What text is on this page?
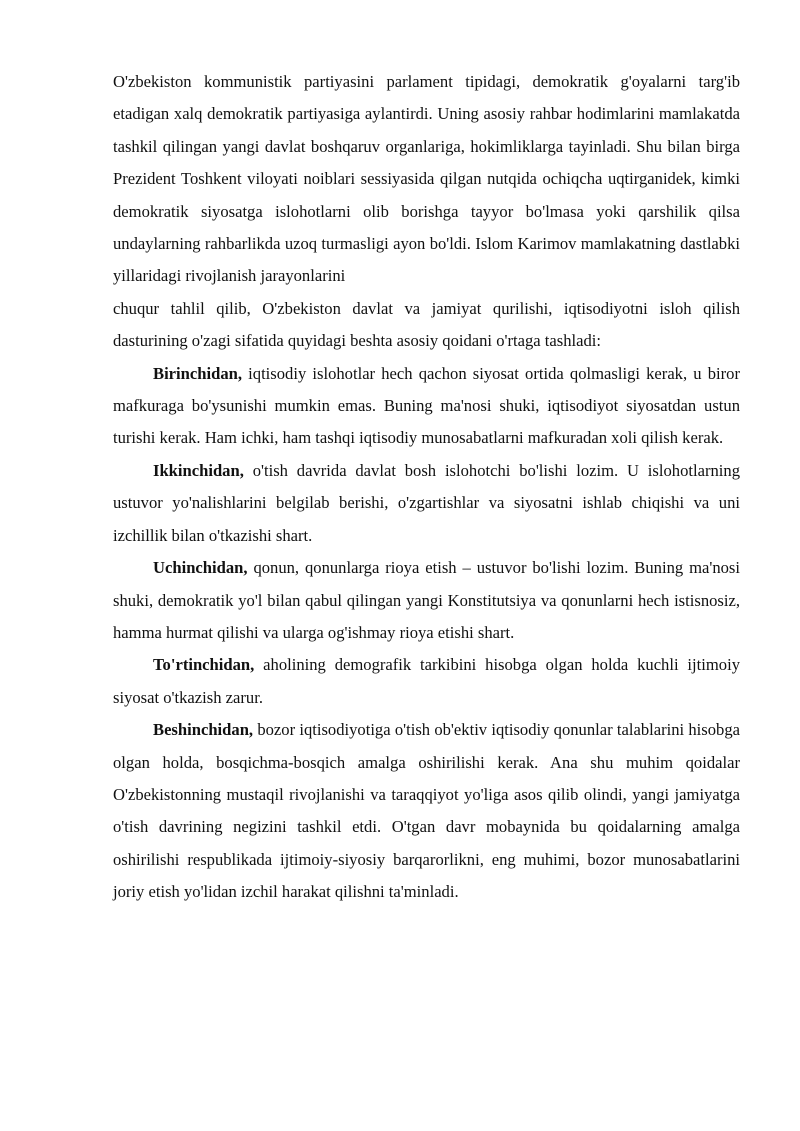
O'zbekiston kommunistik partiyasini parlament tipidagi, demokratik g'oyalarni targ'ib etadigan xalq demokratik partiyasiga aylantirdi. Uning asosiy rahbar hodimlarini mamlakatda tashkil qilingan yangi davlat boshqaruv organlariga, hokimliklarga tayinladi. Shu bilan birga Prezident Toshkent viloyati noiblari sessiyasida qilgan nutqida ochiqcha uqtirganidek, kimki demokratik siyosatga islohotlarni olib borishga tayyor bo'lmasa yoki qarshilik qilsa undaylarning rahbarlikda uzoq turmasligi ayon bo'ldi. Islom Karimov mamlakatning dastlabki yillaridagi rivojlanish jarayonlarini

chuqur tahlil qilib, O'zbekiston davlat va jamiyat qurilishi, iqtisodiyotni isloh qilish dasturining o'zagi sifatida quyidagi beshta asosiy qoidani o'rtaga tashladi:

Birinchidan, iqtisodiy islohotlar hech qachon siyosat ortida qolmasligi kerak, u biror mafkuraga bo'ysunishi mumkin emas. Buning ma'nosi shuki, iqtisodiyot siyosatdan ustun turishi kerak. Ham ichki, ham tashqi iqtisodiy munosabatlarni mafkuradan xoli qilish kerak.

Ikkinchidan, o'tish davrida davlat bosh islohotchi bo'lishi lozim. U islohotlarning ustuvor yo'nalishlarini belgilab berishi, o'zgartishlar va siyosatni ishlab chiqishi va uni izchillik bilan o'tkazishi shart.

Uchinchidan, qonun, qonunlarga rioya etish – ustuvor bo'lishi lozim. Buning ma'nosi shuki, demokratik yo'l bilan qabul qilingan yangi Konstitutsiya va qonunlarni hech istisnosiz, hamma hurmat qilishi va ularga og'ishmay rioya etishi shart.

To'rtinchidan, aholining demografik tarkibini hisobga olgan holda kuchli ijtimoiy siyosat o'tkazish zarur.

Beshinchidan, bozor iqtisodiyotiga o'tish ob'ektiv iqtisodiy qonunlar talablarini hisobga olgan holda, bosqichma-bosqich amalga oshirilishi kerak. Ana shu muhim qoidalar O'zbekistonning mustaqil rivojlanishi va taraqqiyot yo'liga asos qilib olindi, yangi jamiyatga o'tish davrining negizini tashkil etdi. O'tgan davr mobaynida bu qoidalarning amalga oshirilishi respublikada ijtimoiy-siyosiy barqarorlikni, eng muhimi, bozor munosabatlarini joriy etish yo'lidan izchil harakat qilishni ta'minladi.
